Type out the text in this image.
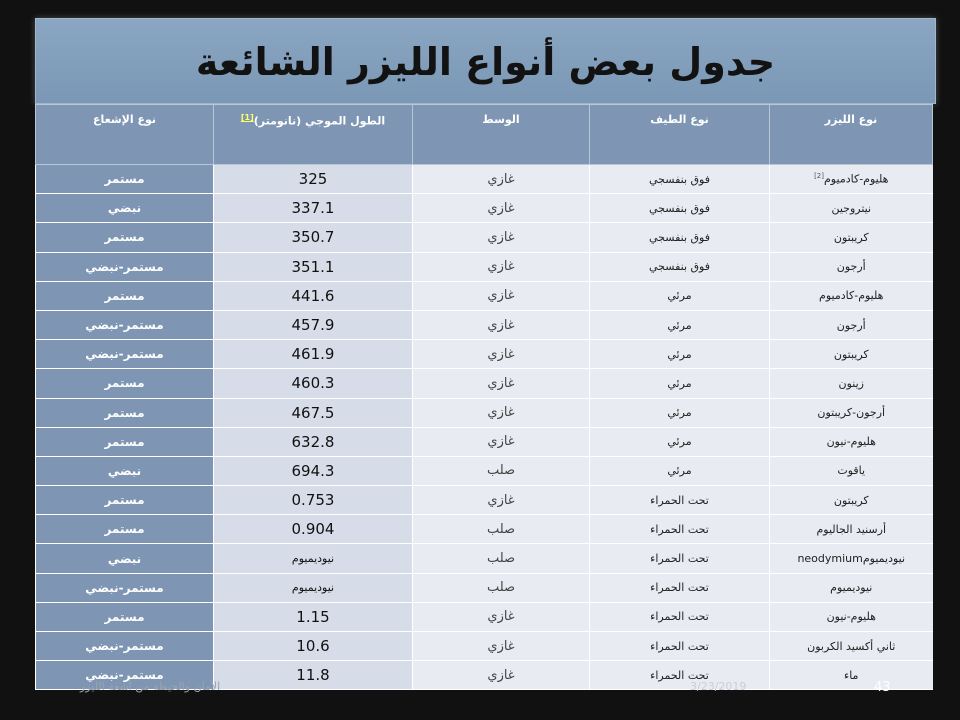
جدول بعض أنواع الليزر الشائعة
نوع الليزر	نوع الطيف	الوسط	الطول الموجي (نانومتر)[1]	نوع الإشعاع
هليوم-كادميوم[2]	فوق بنفسجي	غازي	325	مستمر
نيتروجين	فوق بنفسجي	غازي	337.1	نبضي
كريبتون	فوق بنفسجي	غازي	350.7	مستمر
أرجون	فوق بنفسجي	غازي	351.1	مستمر-نبضي
هليوم-كادميوم	مرئي	غازي	441.6	مستمر
أرجون	مرئي	غازي	457.9	مستمر-نبضي
كريبتون	مرئي	غازي	461.9	مستمر-نبضي
زينون	مرئي	غازي	460.3	مستمر
أرجون-كريبتون	مرئي	غازي	467.5	مستمر
هليوم-نيون	مرئي	غازي	632.8	مستمر
ياقوت	مرئي	صلب	694.3	نبضي
كريبتون	تحت الحمراء	غازي	0.753	مستمر
أرسنيد الجاليوم	تحت الحمراء	صلب	0.904	مستمر
نيوديميومneodymium	تحت الحمراء	صلب	نيوديميوم	نبضي
نيوديميوم	تحت الحمراء	صلب	نيوديميوم	مستمر-نبضي
هليوم-نيون	تحت الحمراء	غازي	1.15	مستمر
ثاني أكسيد الكربون	تحت الحمراء	غازي	10.6	مستمر-نبضي
ماء	تحت الحمراء	غازي	11.8	مستمر-نبضي
الأمان والحيطة من أشعة الليزر	3/23/2019	43
